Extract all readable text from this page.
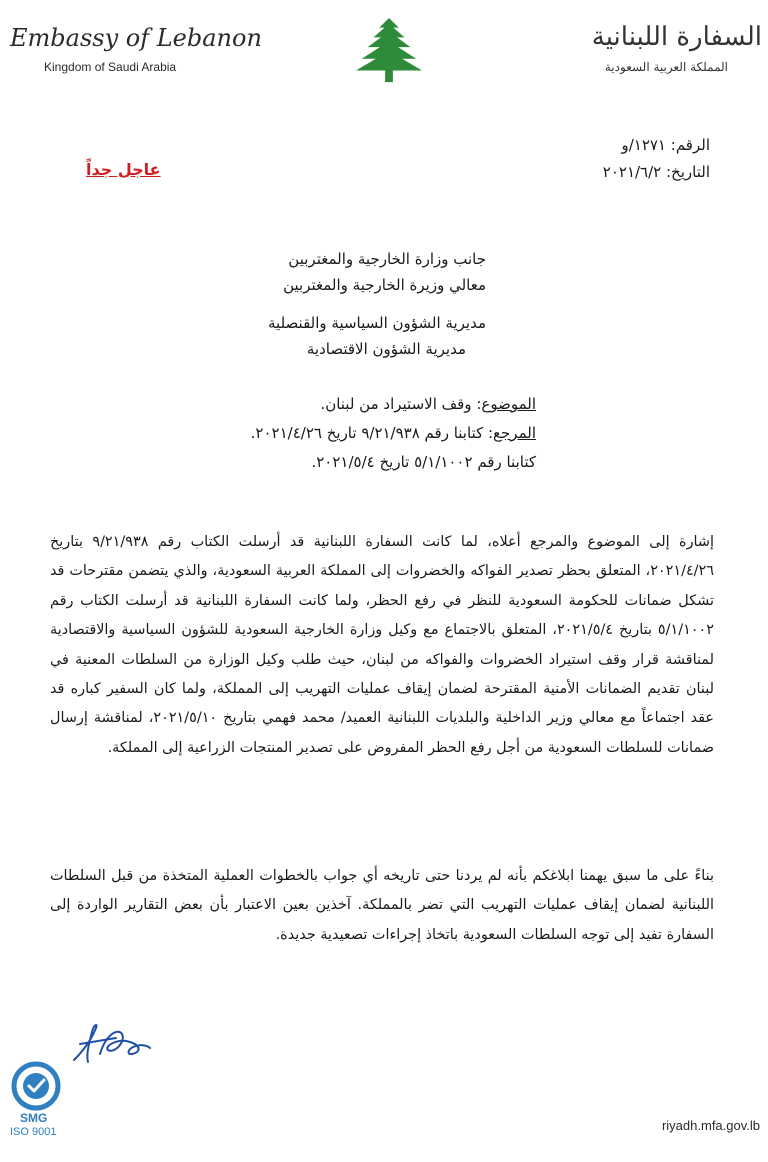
Embassy of Lebanon
Kingdom of Saudi Arabia
السفارة اللبنانية
المملكة العربية السعودية
الرقم: ١٢٧١/و
التاريخ: ٢٠٢١/٦/٢
عاجل جداً
جانب وزارة الخارجية والمغتربين
معالي وزيرة الخارجية والمغتربين
مديرية الشؤون السياسية والقنصلية
مديرية الشؤون الاقتصادية
الموضوع: وقف الاستيراد من لبنان.
المرجع: كتابنا رقم ٩/٢١/٩٣٨ تاريخ ٢٠٢١/٤/٢٦.
كتابنا رقم ٥/١/١٠٠٢ تاريخ ٢٠٢١/٥/٤.
إشارة إلى الموضوع والمرجع أعلاه، لما كانت السفارة اللبنانية قد أرسلت الكتاب رقم ٩/٢١/٩٣٨ بتاريخ ٢٠٢١/٤/٢٦، المتعلق بحظر تصدير الفواكه والخضروات إلى المملكة العربية السعودية، والذي يتضمن مقترحات قد تشكل ضمانات للحكومة السعودية للنظر في رفع الحظر، ولما كانت السفارة اللبنانية قد أرسلت الكتاب رقم ٥/١/١٠٠٢ بتاريخ ٢٠٢١/٥/٤، المتعلق بالاجتماع مع وكيل وزارة الخارجية السعودية للشؤون السياسية والاقتصادية لمناقشة قرار وقف استيراد الخضروات والفواكه من لبنان، حيث طلب وكيل الوزارة من السلطات المعنية في لبنان تقديم الضمانات الأمنية المقترحة لضمان إيقاف عمليات التهريب إلى المملكة، ولما كان السفير كباره قد عقد اجتماعاً مع معالي وزير الداخلية والبلديات اللبنانية العميد/ محمد فهمي بتاريخ ٢٠٢١/٥/١٠، لمناقشة إرسال ضمانات للسلطات السعودية من أجل رفع الحظر المفروض على تصدير المنتجات الزراعية إلى المملكة.
بناءً على ما سبق يهمنا ابلاغكم بأنه لم يردنا حتى تاريخه أي جواب بالخطوات العملية المتخذة من قبل السلطات اللبنانية لضمان إيقاف عمليات التهريب التي تضر بالمملكة. آخذين بعين الاعتبار بأن بعض التقارير الواردة إلى السفارة تفيد إلى توجه السلطات السعودية باتخاذ إجراءات تصعيدية جديدة.
SMG
ISO 9001	riyadh.mfa.gov.lb
